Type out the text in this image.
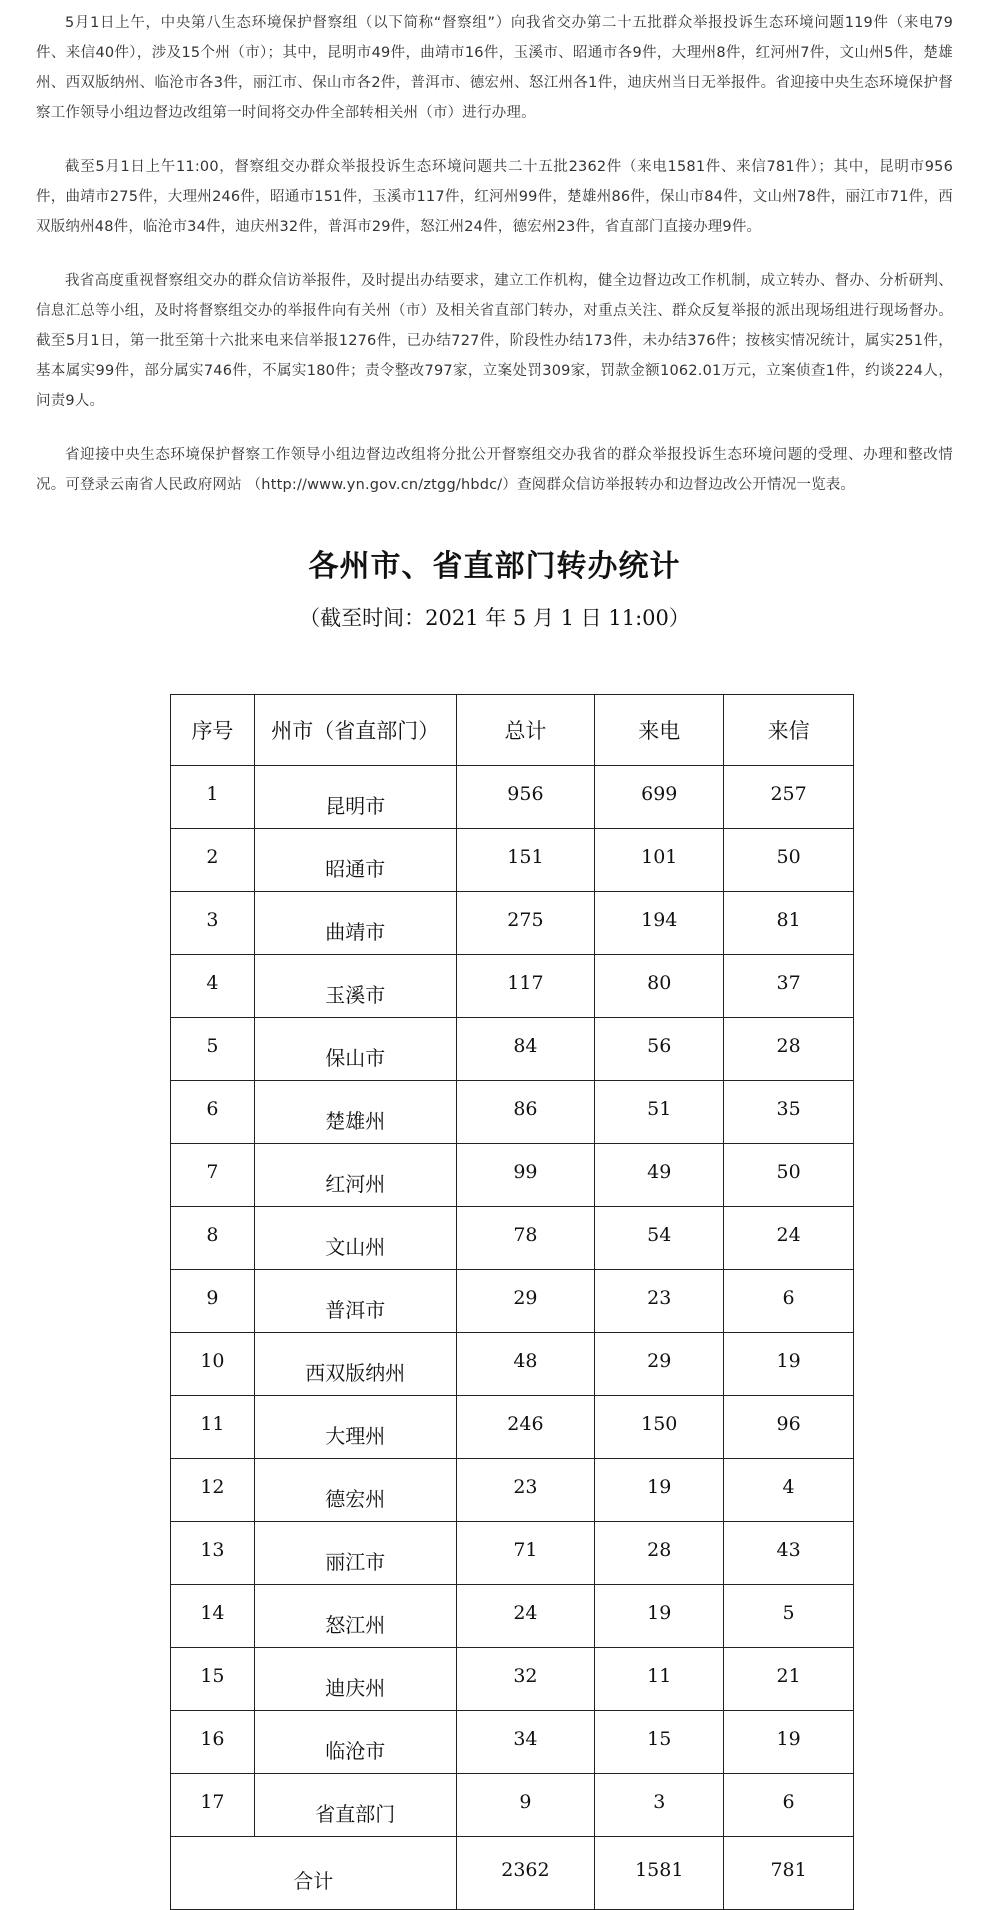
5月1日上午，中央第八生态环境保护督察组（以下简称“督察组”）向我省交办第二十五批群众举报投诉生态环境问题119件（来电79件、来信40件），涉及15个州（市）；其中，昆明市49件，曲靖市16件，玉溪市、昭通市各9件，大理州8件，红河州7件，文山州5件，楚雄州、西双版纳州、临沧市各3件，丽江市、保山市各2件，普洱市、德宏州、怒江州各1件，迪庆州当日无举报件。省迎接中央生态环境保护督察工作领导小组边督边改组第一时间将交办件全部转相关州（市）进行办理。

截至5月1日上午11:00，督察组交办群众举报投诉生态环境问题共二十五批2362件（来电1581件、来信781件）；其中，昆明市956件，曲靖市275件，大理州246件，昭通市151件，玉溪市117件，红河州99件，楚雄州86件，保山市84件，文山州78件，丽江市71件，西双版纳州48件，临沧市34件，迪庆州32件，普洱市29件，怒江州24件，德宏州23件，省直部门直接办理9件。

我省高度重视督察组交办的群众信访举报件，及时提出办结要求，建立工作机构，健全边督边改工作机制，成立转办、督办、分析研判、信息汇总等小组，及时将督察组交办的举报件向有关州（市）及相关省直部门转办，对重点关注、群众反复举报的派出现场组进行现场督办。截至5月1日，第一批至第十六批来电来信举报1276件，已办结727件，阶段性办结173件，未办结376件；按核实情况统计，属实251件，基本属实99件，部分属实746件，不属实180件；责令整改797家，立案处罚309家，罚款金额1062.01万元，立案侦查1件，约谈224人，问责9人。

省迎接中央生态环境保护督察工作领导小组边督边改组将分批公开督察组交办我省的群众举报投诉生态环境问题的受理、办理和整改情况。可登录云南省人民政府网站 （http://www.yn.gov.cn/ztgg/hbdc/）查阅群众信访举报转办和边督边改公开情况一览表。

各州市、省直部门转办统计
（截至时间：2021 年 5 月 1 日 11:00）
序号	州市（省直部门）	总计	来电	来信
1	昆明市	956	699	257
2	昭通市	151	101	50
3	曲靖市	275	194	81
4	玉溪市	117	80	37
5	保山市	84	56	28
6	楚雄州	86	51	35
7	红河州	99	49	50
8	文山州	78	54	24
9	普洱市	29	23	6
10	西双版纳州	48	29	19
11	大理州	246	150	96
12	德宏州	23	19	4
13	丽江市	71	28	43
14	怒江州	24	19	5
15	迪庆州	32	11	21
16	临沧市	34	15	19
17	省直部门	9	3	6
合计		2362	1581	781
